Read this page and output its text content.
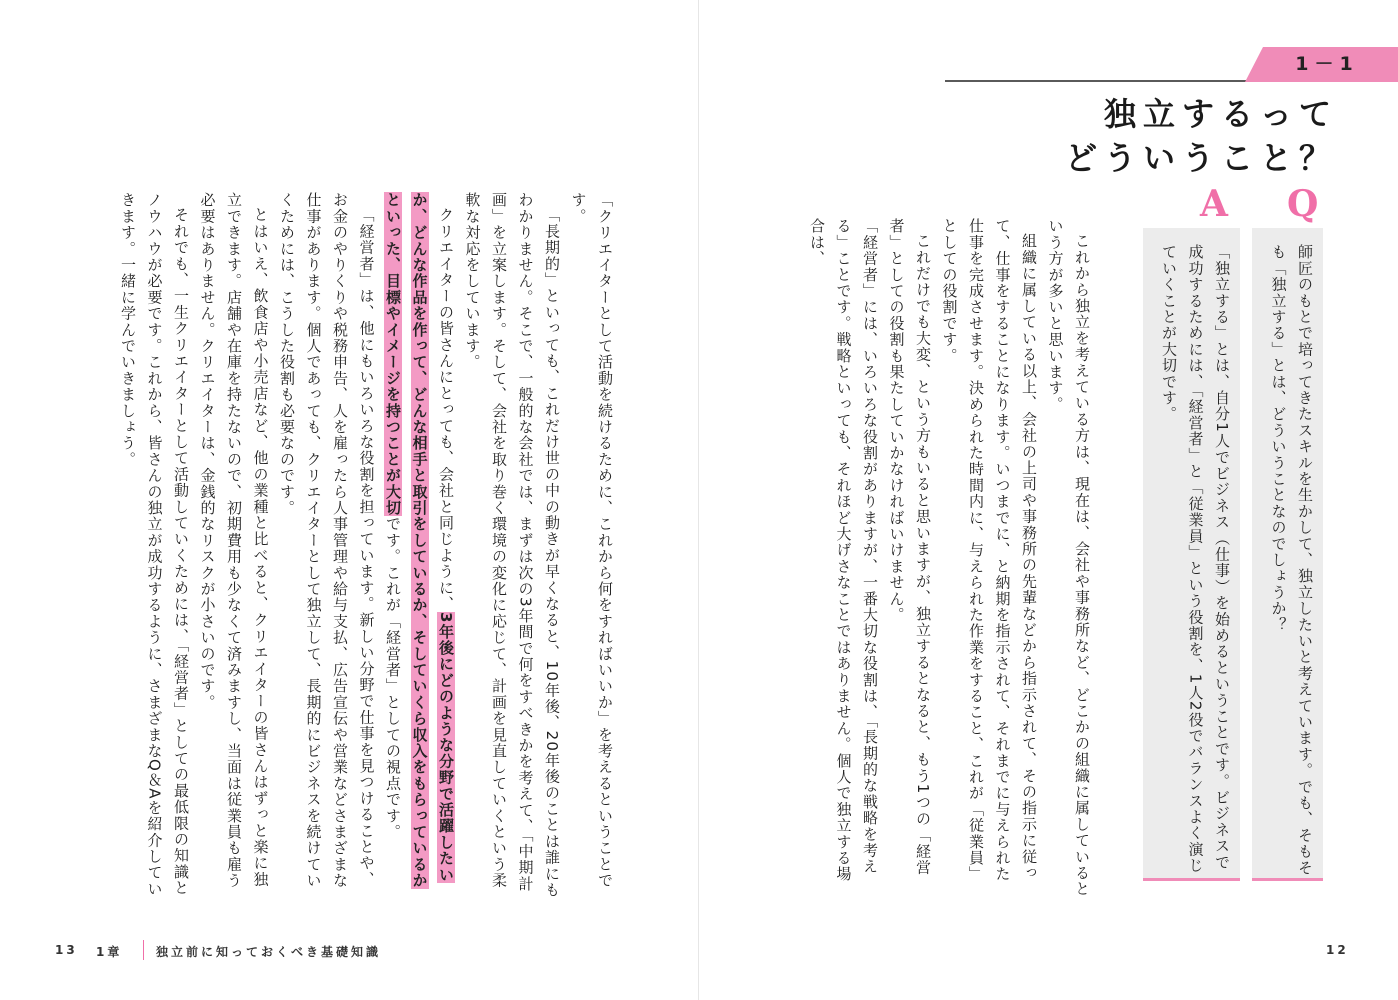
1－1
独立するって
どういうこと？
Q
師匠のもとで培ってきたスキルを生かして、独立したいと考えています。でも、そもそも「独立する」とは、どういうことなのでしょうか？
A
「独立する」とは、自分1人でビジネス（仕事）を始めるということです。ビジネスで成功するためには、「経営者」と「従業員」という役割を、1人2役でバランスよく演じていくことが大切です。

これから独立を考えている方は、現在は、会社や事務所など、どこかの組織に属しているという方が多いと思います。

組織に属している以上、会社の上司や事務所の先輩などから指示されて、その指示に従って、仕事をすることになります。いつまでに、と納期を指示されて、それまでに与えられた仕事を完成させます。決められた時間内に、与えられた作業をすること、これが「従業員」としての役割です。

これだけでも大変、という方もいると思いますが、独立するとなると、もう1つの「経営者」としての役割も果たしていかなければいけません。

「経営者」には、いろいろな役割がありますが、一番大切な役割は、「長期的な戦略を考える」ことです。戦略といっても、それほど大げさなことではありません。個人で独立する場合は、

「クリエイターとして活動を続けるために、これから何をすればいいか」を考えるということです。

「長期的」といっても、これだけ世の中の動きが早くなると、10年後、20年後のことは誰にもわかりません。そこで、一般的な会社では、まずは次の3年間で何をすべきかを考えて、「中期計画」を立案します。そして、会社を取り巻く環境の変化に応じて、計画を見直していくという柔軟な対応をしています。

クリエイターの皆さんにとっても、会社と同じように、3年後にどのような分野で活躍したいか、どんな作品を作って、どんな相手と取引をしているか、そしていくら収入をもらっているかといった、目標やイメージを持つことが大切です。これが「経営者」としての視点です。

「経営者」は、他にもいろいろな役割を担っています。新しい分野で仕事を見つけることや、お金のやりくりや税務申告、人を雇ったら人事管理や給与支払、広告宣伝や営業などさまざまな仕事があります。個人であっても、クリエイターとして独立して、長期的にビジネスを続けていくためには、こうした役割も必要なのです。

とはいえ、飲食店や小売店など、他の業種と比べると、クリエイターの皆さんはずっと楽に独立できます。店舗や在庫を持たないので、初期費用も少なくて済みますし、当面は従業員も雇う必要はありません。クリエイターは、金銭的なリスクが小さいのです。

それでも、一生クリエイターとして活動していくためには、「経営者」としての最低限の知識とノウハウが必要です。これから、皆さんの独立が成功するように、さまざまなQ＆Aを紹介していきます。一緒に学んでいきましょう。

13 1章	独立前に知っておくべき基礎知識	12
